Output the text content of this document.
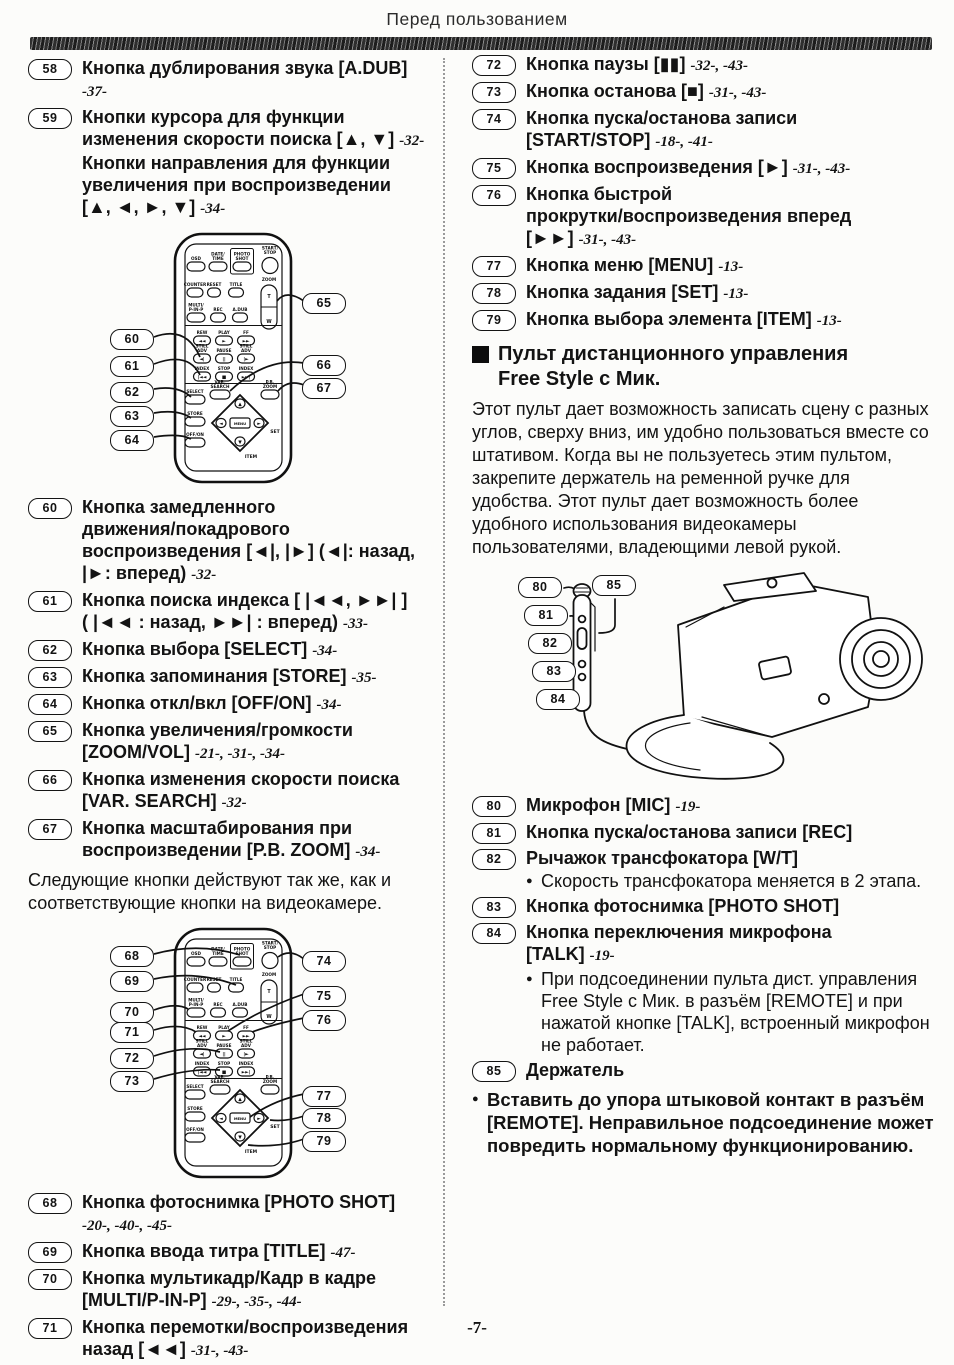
Перед пользованием
58	Кнопка дублирования звука [A.DUB]
-37-
59	Кнопки курсора для функции
изменения скорости поиска [▲, ▼] -32-
Кнопки направления для функции
увеличения при воспроизведении
[▲, ◄, ►, ▼] -34-
OSD
DATE/
TIME
PHOTO
SHOT
START/
STOP
COUNTER RESET TITLE
ZOOM
T
W
MULTI/
P-IN-P REC A.DUB
REW
◄◄
PLAY
►
FF
►►
STILL
ADV
◄|
PAUSE
||
STILL
ADV
|►
INDEX
|◄◄
STOP
■
INDEX
►►|
SELECT
STORE
OFF/ON
VAR.
SEARCH
P.B.
ZOOM
▲
▼
◄	►
MENU
SET
ITEM
60
61
62
63
64
65
66
67
60	Кнопка замедленного
движения/покадрового
воспроизведения [◄|, |►] (◄|: назад,
|►: вперед) -32-
61	Кнопка поиска индекса [ |◄◄, ►►| ]
( |◄◄ : назад, ►►| : вперед) -33-
62	Кнопка выбора [SELECT] -34-
63	Кнопка запоминания [STORE] -35-
64	Кнопка откл/вкл [OFF/ON] -34-
65	Кнопка увеличения/громкости
[ZOOM/VOL] -21-, -31-, -34-
66	Кнопка изменения скорости поиска
[VAR. SEARCH] -32-
67	Кнопка масштабирования при
воспроизведении [P.B. ZOOM] -34-

Следующие кнопки действуют так же, как и соответствующие кнопки на видеокамере.

OSD
DATE/
TIME
PHOTO
SHOT
START/
STOP
COUNTER RESET TITLE
ZOOM
T
W
MULTI/
P-IN-P REC A.DUB
REW
◄◄
PLAY
►
FF
►►
STILL
ADV
◄|
PAUSE
||
STILL
ADV
|►
INDEX
|◄◄
STOP
■
INDEX
►►|
SELECT
STORE
OFF/ON
VAR.
SEARCH
P.B.
ZOOM
▲
▼
◄	►
MENU
SET
ITEM
68
69
70
71
72
73
74
75
76
77
78
79
68	Кнопка фотоснимка [PHOTO SHOT]
-20-, -40-, -45-
69	Кнопка ввода титра [TITLE] -47-
70	Кнопка мультикадр/Кадр в кадре
[MULTI/P-IN-P] -29-, -35-, -44-
71	Кнопка перемотки/воспроизведения
назад [◄◄] -31-, -43-
72	Кнопка паузы [▮▮] -32-, -43-
73	Кнопка останова [■] -31-, -43-
74	Кнопка пуска/останова записи
[START/STOP] -18-, -41-
75	Кнопка воспроизведения [►] -31-, -43-
76	Кнопка быстрой
прокрутки/воспроизведения вперед
[►►] -31-, -43-
77	Кнопка меню [MENU] -13-
78	Кнопка задания [SET] -13-
79	Кнопка выбора элемента [ITEM] -13-
Пульт дистанционного управления
Free Style с Мик.

Этот пульт дает возможность записать сцену с разных углов, сверху вниз, им удобно пользоваться вместе со штативом. Когда вы не пользуетесь этим пультом, закрепите держатель на ременной ручке для удобства. Этот пульт дает возможность более удобного использования видеокамеры пользователями, владеющими левой рукой.

80
81
82
83
84
85
80	Микрофон [MIC] -19-
81	Кнопка пуска/останова записи [REC]
82	Рычажок трансфокатора [W/T]
● Скорость трансфокатора меняется в 2 этапа.
83	Кнопка фотоснимка [PHOTO SHOT]
84	Кнопка переключения микрофона
[TALK] -19-
● При подсоединении пульта дист. управления Free Style с Мик. в разъём [REMOTE] и при нажатой кнопке [TALK], встроенный микрофон не работает.
85	Держатель
● Вставить до упора штыковой контакт в разъём [REMOTE]. Неправильное подсоединение может повредить нормальному функционированию.
-7-
